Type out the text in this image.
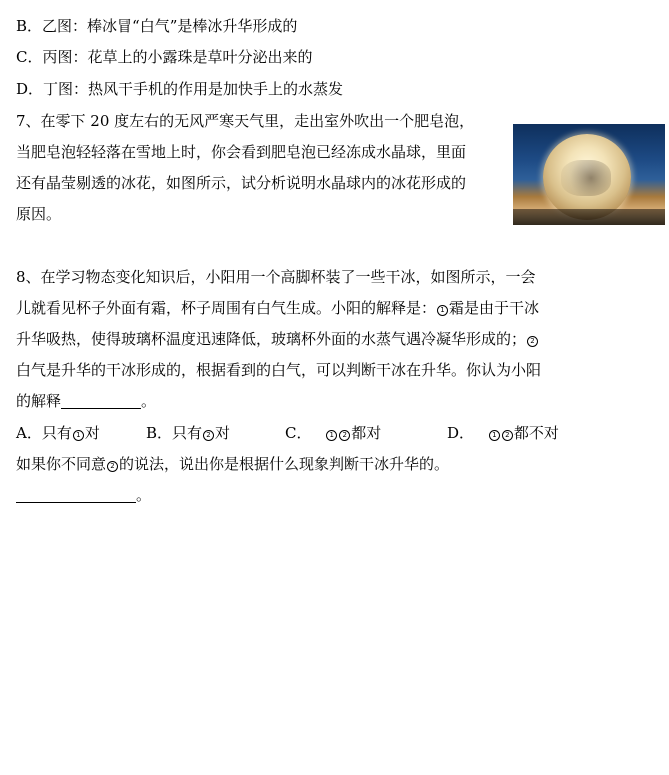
B．乙图：棒冰冒“白气”是棒冰升华形成的
C．丙图：花草上的小露珠是草叶分泌出来的
D．丁图：热风干手机的作用是加快手上的水蒸发
7、在零下 20 度左右的无风严寒天气里，走出室外吹出一个肥皂泡，
当肥皂泡轻轻落在雪地上时，你会看到肥皂泡已经冻成水晶球，里面
还有晶莹剔透的冰花，如图所示，试分析说明水晶球内的冰花形成的
原因。
8、在学习物态变化知识后，小阳用一个高脚杯装了一些干冰，如图所示，一会
儿就看见杯子外面有霜，杯子周围有白气生成。小阳的解释是： 1 霜是由于干冰
升华吸热，使得玻璃杯温度迅速降低，玻璃杯外面的水蒸气遇冷凝华形成的； 2
白气是升华的干冰形成的，根据看到的白气，可以判断干冰在升华。你认为小阳
的解释	。
A．只有 1 对	B．只有 2 对	C．	1 2 都对	D．	1 2 都不对
如果你不同意 2 的说法，说出你是根据什么现象判断干冰升华的。
。
